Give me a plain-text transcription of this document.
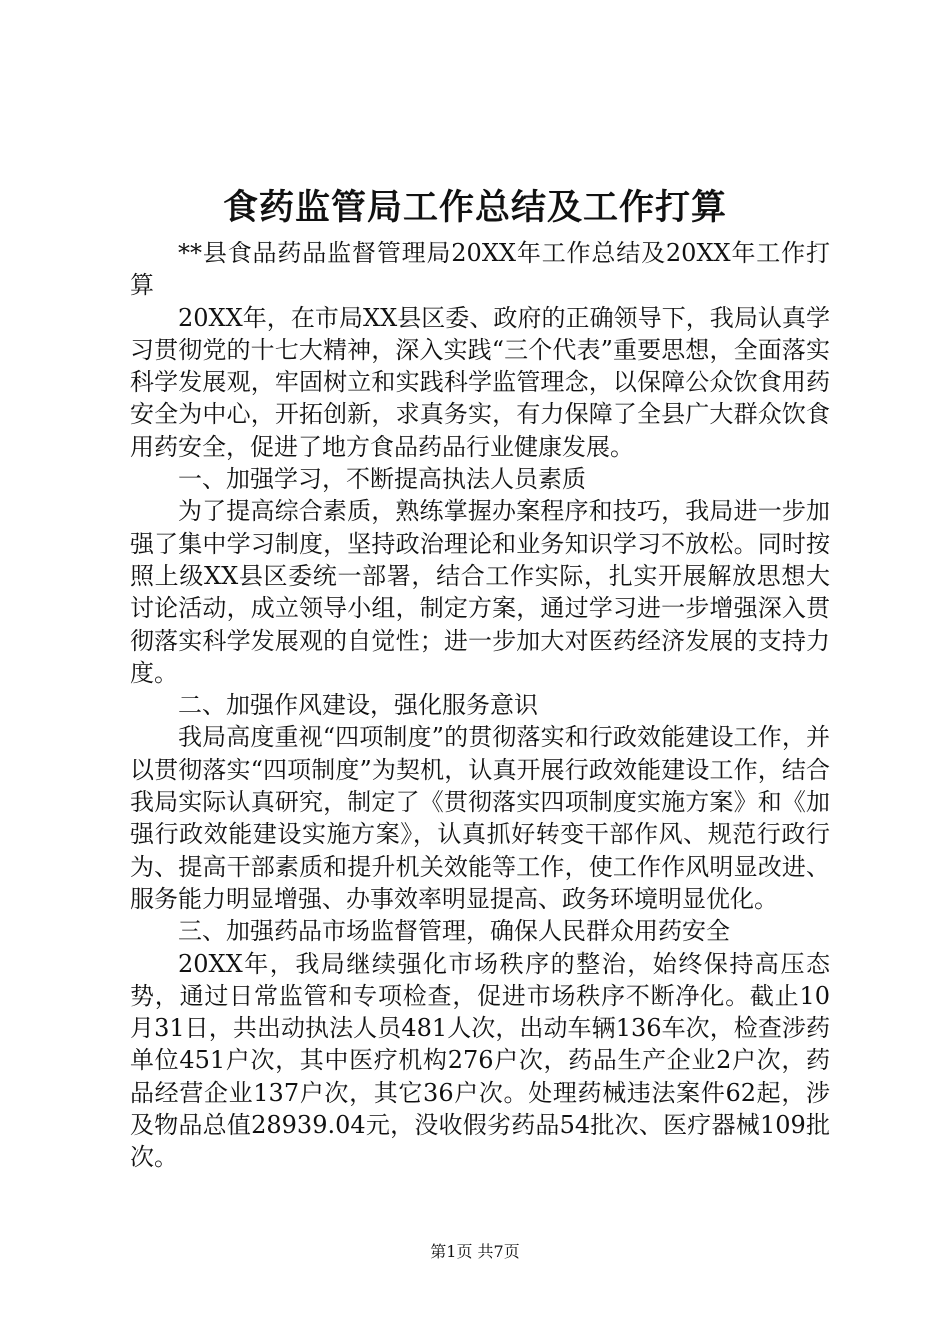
食药监管局工作总结及工作打算

**县食品药品监督管理局20XX年工作总结及20XX年工作打算

20XX年，在市局XX县区委、政府的正确领导下，我局认真学习贯彻党的十七大精神，深入实践“三个代表”重要思想，全面落实科学发展观，牢固树立和实践科学监管理念，以保障公众饮食用药安全为中心，开拓创新，求真务实，有力保障了全县广大群众饮食用药安全，促进了地方食品药品行业健康发展。

一、加强学习，不断提高执法人员素质

为了提高综合素质，熟练掌握办案程序和技巧，我局进一步加强了集中学习制度，坚持政治理论和业务知识学习不放松。同时按照上级XX县区委统一部署，结合工作实际，扎实开展解放思想大讨论活动，成立领导小组，制定方案，通过学习进一步增强深入贯彻落实科学发展观的自觉性；进一步加大对医药经济发展的支持力度。

二、加强作风建设，强化服务意识

我局高度重视“四项制度”的贯彻落实和行政效能建设工作，并以贯彻落实“四项制度”为契机，认真开展行政效能建设工作，结合我局实际认真研究，制定了《贯彻落实四项制度实施方案》和《加强行政效能建设实施方案》，认真抓好转变干部作风、规范行政行为、提高干部素质和提升机关效能等工作，使工作作风明显改进、服务能力明显增强、办事效率明显提高、政务环境明显优化。

三、加强药品市场监督管理，确保人民群众用药安全

20XX年，我局继续强化市场秩序的整治，始终保持高压态势，通过日常监管和专项检查，促进市场秩序不断净化。截止10月31日，共出动执法人员481人次，出动车辆136车次，检查涉药单位451户次，其中医疗机构276户次，药品生产企业2户次，药品经营企业137户次，其它36户次。处理药械违法案件62起，涉及物品总值28939.04元，没收假劣药品54批次、医疗器械109批次。

第1页 共7页
